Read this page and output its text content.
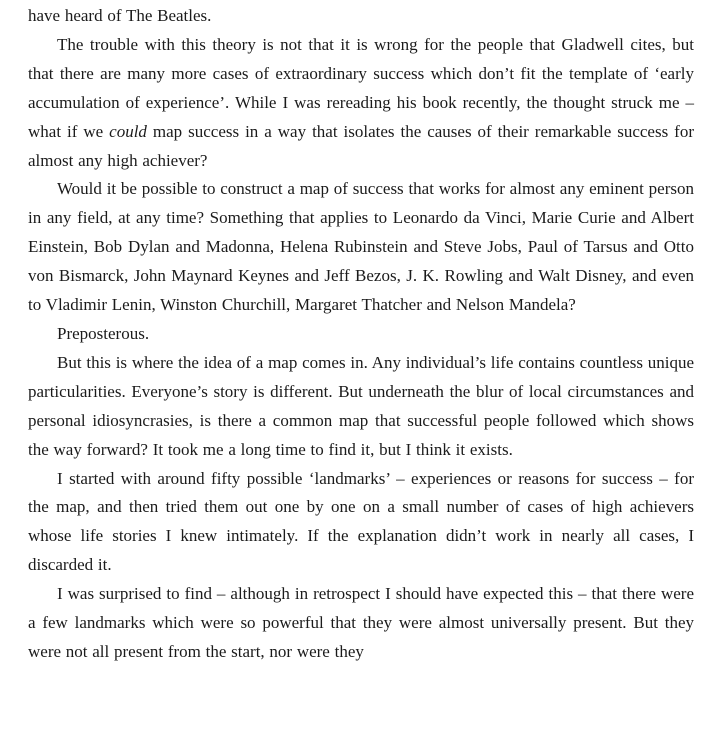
have heard of The Beatles.

The trouble with this theory is not that it is wrong for the people that Gladwell cites, but that there are many more cases of extraordinary success which don’t fit the template of ‘early accumulation of experience’. While I was rereading his book recently, the thought struck me – what if we could map success in a way that isolates the causes of their remarkable success for almost any high achiever?

Would it be possible to construct a map of success that works for almost any eminent person in any field, at any time? Something that applies to Leonardo da Vinci, Marie Curie and Albert Einstein, Bob Dylan and Madonna, Helena Rubinstein and Steve Jobs, Paul of Tarsus and Otto von Bismarck, John Maynard Keynes and Jeff Bezos, J. K. Rowling and Walt Disney, and even to Vladimir Lenin, Winston Churchill, Margaret Thatcher and Nelson Mandela?

Preposterous.

But this is where the idea of a map comes in. Any individual’s life contains countless unique particularities. Everyone’s story is different. But underneath the blur of local circumstances and personal idiosyncrasies, is there a common map that successful people followed which shows the way forward? It took me a long time to find it, but I think it exists.

I started with around fifty possible ‘landmarks’ – experiences or reasons for success – for the map, and then tried them out one by one on a small number of cases of high achievers whose life stories I knew intimately. If the explanation didn’t work in nearly all cases, I discarded it.

I was surprised to find – although in retrospect I should have expected this – that there were a few landmarks which were so powerful that they were almost universally present. But they were not all present from the start, nor were they
